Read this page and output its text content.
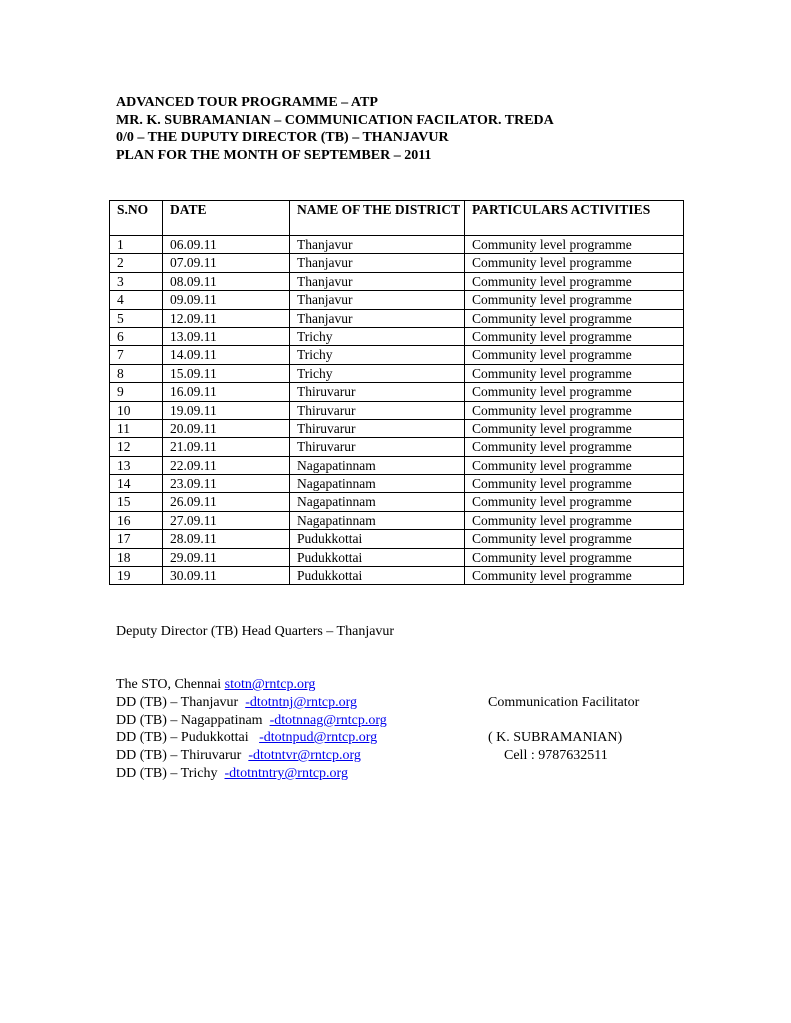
ADVANCED TOUR PROGRAMME – ATP
MR. K. SUBRAMANIAN – COMMUNICATION FACILATOR. TREDA
0/0 – THE DUPUTY DIRECTOR (TB) – THANJAVUR
PLAN FOR THE MONTH OF SEPTEMBER – 2011
S.NO	DATE	NAME OF THE DISTRICT	PARTICULARS ACTIVITIES
1	06.09.11	Thanjavur	Community level programme
2	07.09.11	Thanjavur	Community level programme
3	08.09.11	Thanjavur	Community level programme
4	09.09.11	Thanjavur	Community level programme
5	12.09.11	Thanjavur	Community level programme
6	13.09.11	Trichy	Community level programme
7	14.09.11	Trichy	Community level programme
8	15.09.11	Trichy	Community level programme
9	16.09.11	Thiruvarur	Community level programme
10	19.09.11	Thiruvarur	Community level programme
11	20.09.11	Thiruvarur	Community level programme
12	21.09.11	Thiruvarur	Community level programme
13	22.09.11	Nagapatinnam	Community level programme
14	23.09.11	Nagapatinnam	Community level programme
15	26.09.11	Nagapatinnam	Community level programme
16	27.09.11	Nagapatinnam	Community level programme
17	28.09.11	Pudukkottai	Community level programme
18	29.09.11	Pudukkottai	Community level programme
19	30.09.11	Pudukkottai	Community level programme
Deputy Director (TB) Head Quarters – Thanjavur
The STO, Chennai stotn@rntcp.org
DD (TB) – Thanjavur  -dtotntnj@rntcp.org
DD (TB) – Nagappatinam  -dtotnnag@rntcp.org
DD (TB) – Pudukkottai   -dtotnpud@rntcp.org
DD (TB) – Thiruvarur  -dtotntvr@rntcp.org
DD (TB) – Trichy  -dtotntntry@rntcp.org
Communication Facilitator
( K. SUBRAMANIAN)
Cell : 9787632511
